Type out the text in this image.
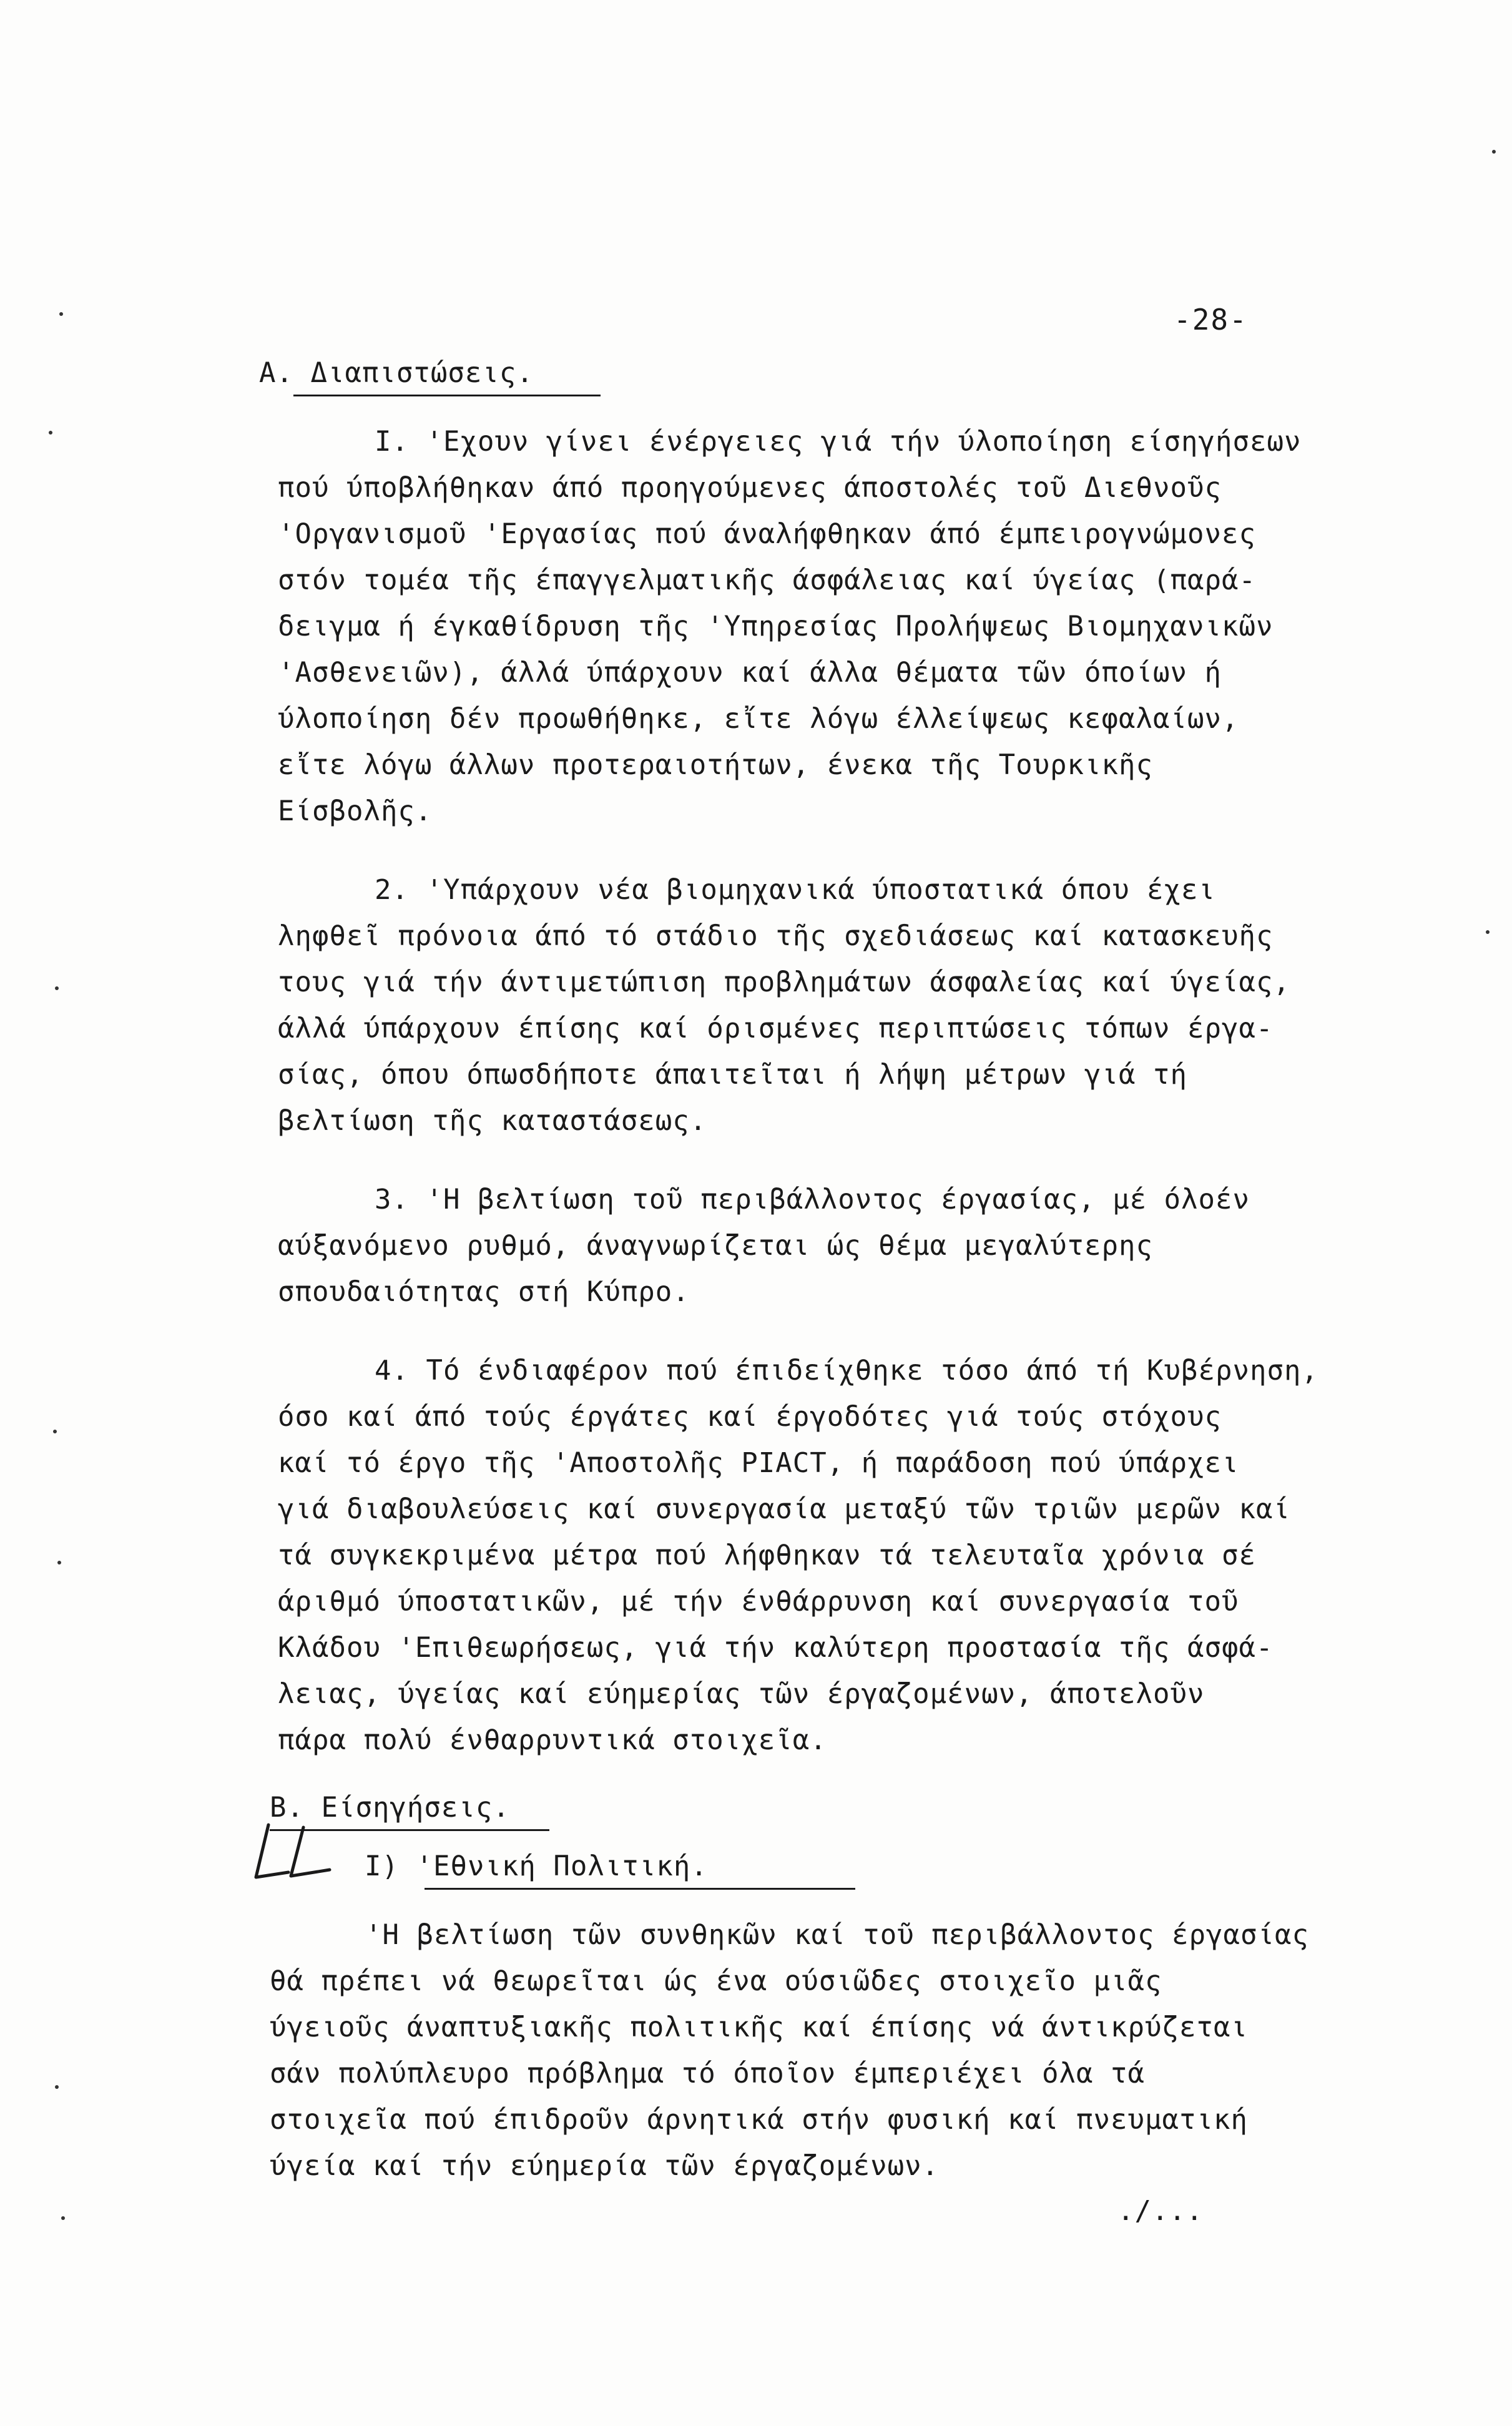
-28-
Α. Διαπιστώσεις.
Ι. 'Εχουν γίνει ένέργειες γιά τήν ύλοποίηση είσηγήσεων
πού ύποβλήθηκαν άπό προηγούμενες άποστολές τοῦ Διεθνοῦς
'Οργανισμοῦ 'Εργασίας πού άναλήφθηκαν άπό έμπειρογνώμονες
στόν τομέα τῆς έπαγγελματικῆς άσφάλειας καί ύγείας (παρά-
δειγμα ή έγκαθίδρυση τῆς 'Υπηρεσίας Προλήψεως Βιομηχανικῶν
'Ασθενειῶν), άλλά ύπάρχουν καί άλλα θέματα τῶν όποίων ή
ύλοποίηση δέν προωθήθηκε, εἴτε λόγω έλλείψεως κεφαλαίων,
εἴτε λόγω άλλων προτεραιοτήτων, ένεκα τῆς Τουρκικῆς
Είσβολῆς.
2. 'Υπάρχουν νέα βιομηχανικά ύποστατικά όπου έχει
ληφθεῖ πρόνοια άπό τό στάδιο τῆς σχεδιάσεως καί κατασκευῆς
τους γιά τήν άντιμετώπιση προβλημάτων άσφαλείας καί ύγείας,
άλλά ύπάρχουν έπίσης καί όρισμένες περιπτώσεις τόπων έργα-
σίας, όπου όπωσδήποτε άπαιτεῖται ή λήψη μέτρων γιά τή
βελτίωση τῆς καταστάσεως.
3. 'Η βελτίωση τοῦ περιβάλλοντος έργασίας, μέ όλοέν
αύξανόμενο ρυθμό, άναγνωρίζεται ώς θέμα μεγαλύτερης
σπουδαιότητας στή Κύπρο.
4. Τό ένδιαφέρον πού έπιδείχθηκε τόσο άπό τή Κυβέρνηση,
όσο καί άπό τούς έργάτες καί έργοδότες γιά τούς στόχους
καί τό έργο τῆς 'Αποστολῆς PIACT, ή παράδοση πού ύπάρχει
γιά διαβουλεύσεις καί συνεργασία μεταξύ τῶν τριῶν μερῶν καί
τά συγκεκριμένα μέτρα πού λήφθηκαν τά τελευταῖα χρόνια σέ
άριθμό ύποστατικῶν, μέ τήν ένθάρρυνση καί συνεργασία τοῦ
Κλάδου 'Επιθεωρήσεως, γιά τήν καλύτερη προστασία τῆς άσφά-
λειας, ύγείας καί εύημερίας τῶν έργαζομένων, άποτελοῦν
πάρα πολύ ένθαρρυντικά στοιχεῖα.
Β. Είσηγήσεις.
Ι) 'Εθνική Πολιτική.
'Η βελτίωση τῶν συνθηκῶν καί τοῦ περιβάλλοντος έργασίας
θά πρέπει νά θεωρεῖται ώς ένα ούσιῶδες στοιχεῖο μιᾶς
ύγειοῦς άναπτυξιακῆς πολιτικῆς καί έπίσης νά άντικρύζεται
σάν πολύπλευρο πρόβλημα τό όποῖον έμπεριέχει όλα τά
στοιχεῖα πού έπιδροῦν άρνητικά στήν φυσική καί πνευματική
ύγεία καί τήν εύημερία τῶν έργαζομένων.
./...
